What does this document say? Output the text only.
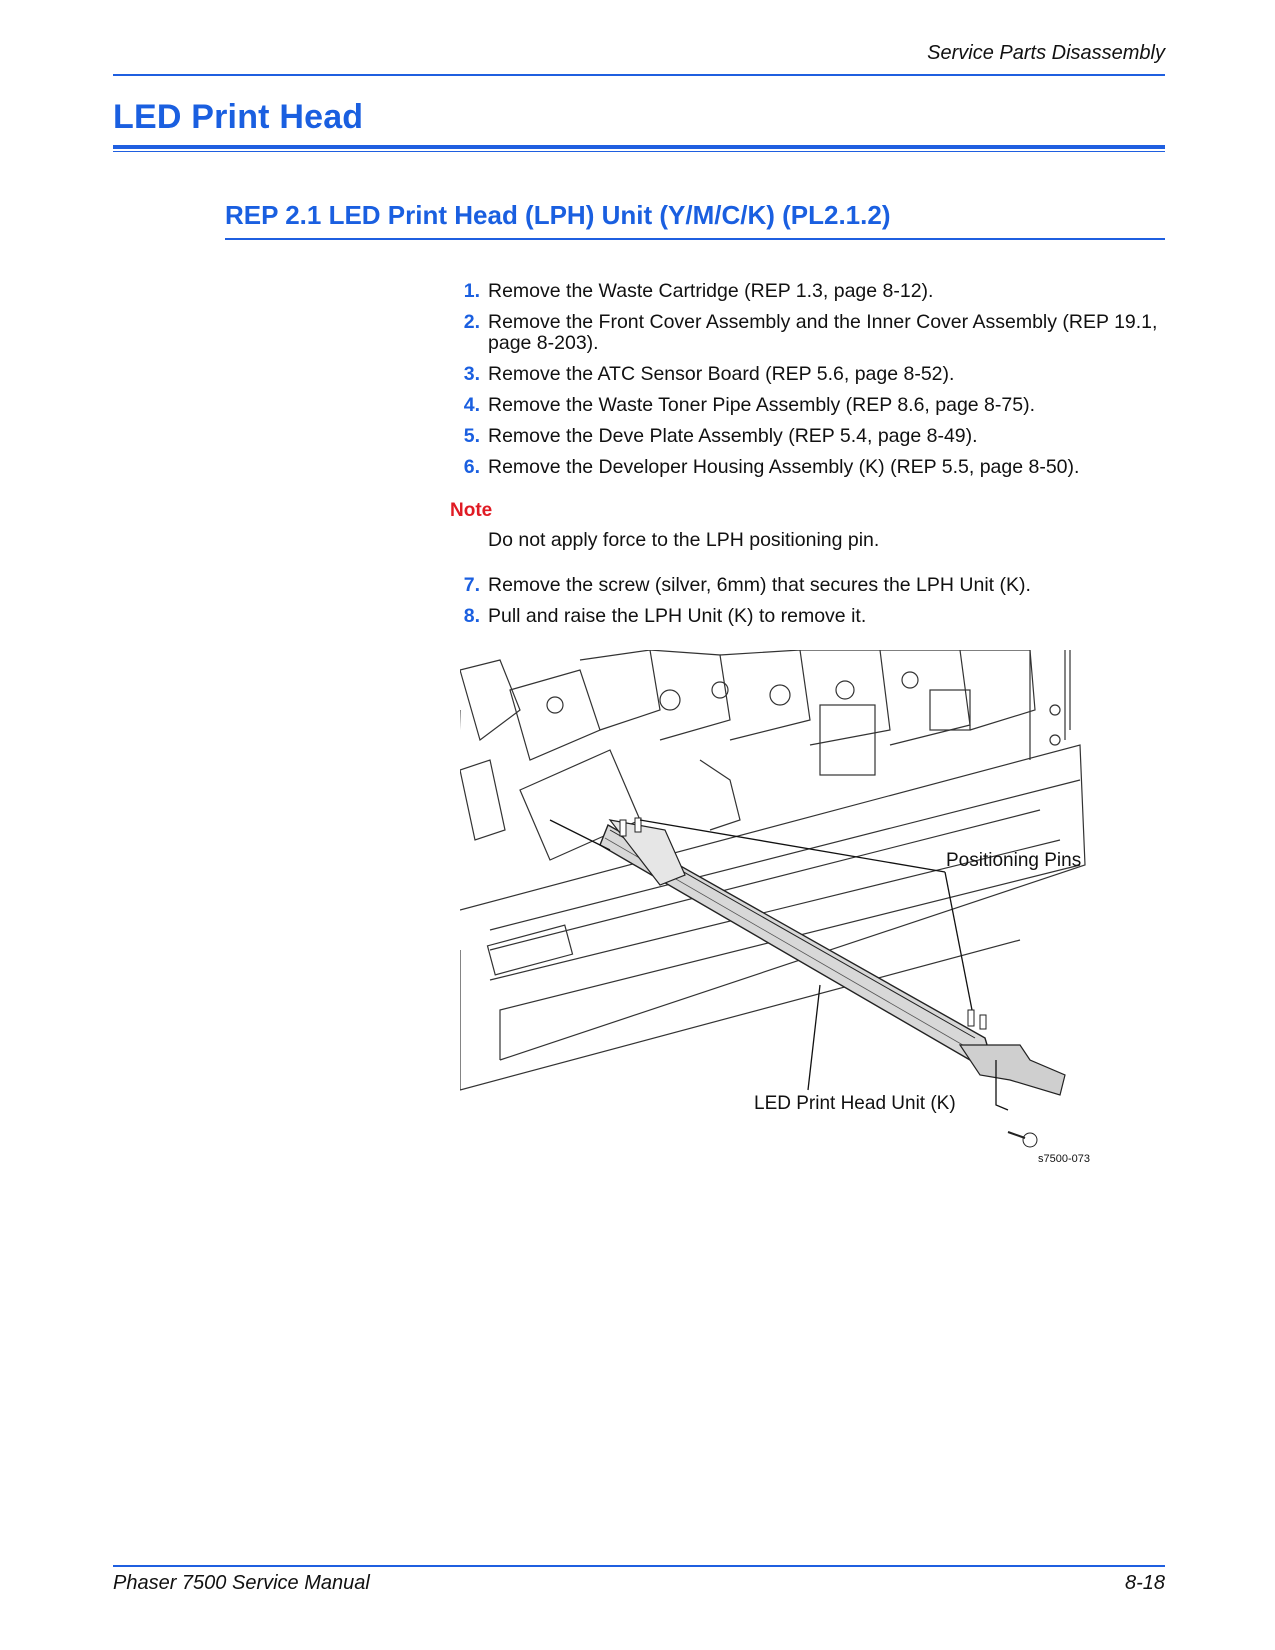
Service Parts Disassembly
LED Print Head
REP 2.1 LED Print Head (LPH) Unit (Y/M/C/K) (PL2.1.2)
1. Remove the Waste Cartridge (REP 1.3, page 8-12).
2. Remove the Front Cover Assembly and the Inner Cover Assembly (REP 19.1, page 8-203).
3. Remove the ATC Sensor Board (REP 5.6, page 8-52).
4. Remove the Waste Toner Pipe Assembly (REP 8.6, page 8-75).
5. Remove the Deve Plate Assembly (REP 5.4, page 8-49).
6. Remove the Developer Housing Assembly (K) (REP 5.5, page 8-50).
Note
Do not apply force to the LPH positioning pin.
7. Remove the screw (silver, 6mm) that secures the LPH Unit (K).
8. Pull and raise the LPH Unit (K) to remove it.
Positioning Pins
LED Print Head Unit (K)
s7500-073
Phaser 7500 Service Manual	8-18
